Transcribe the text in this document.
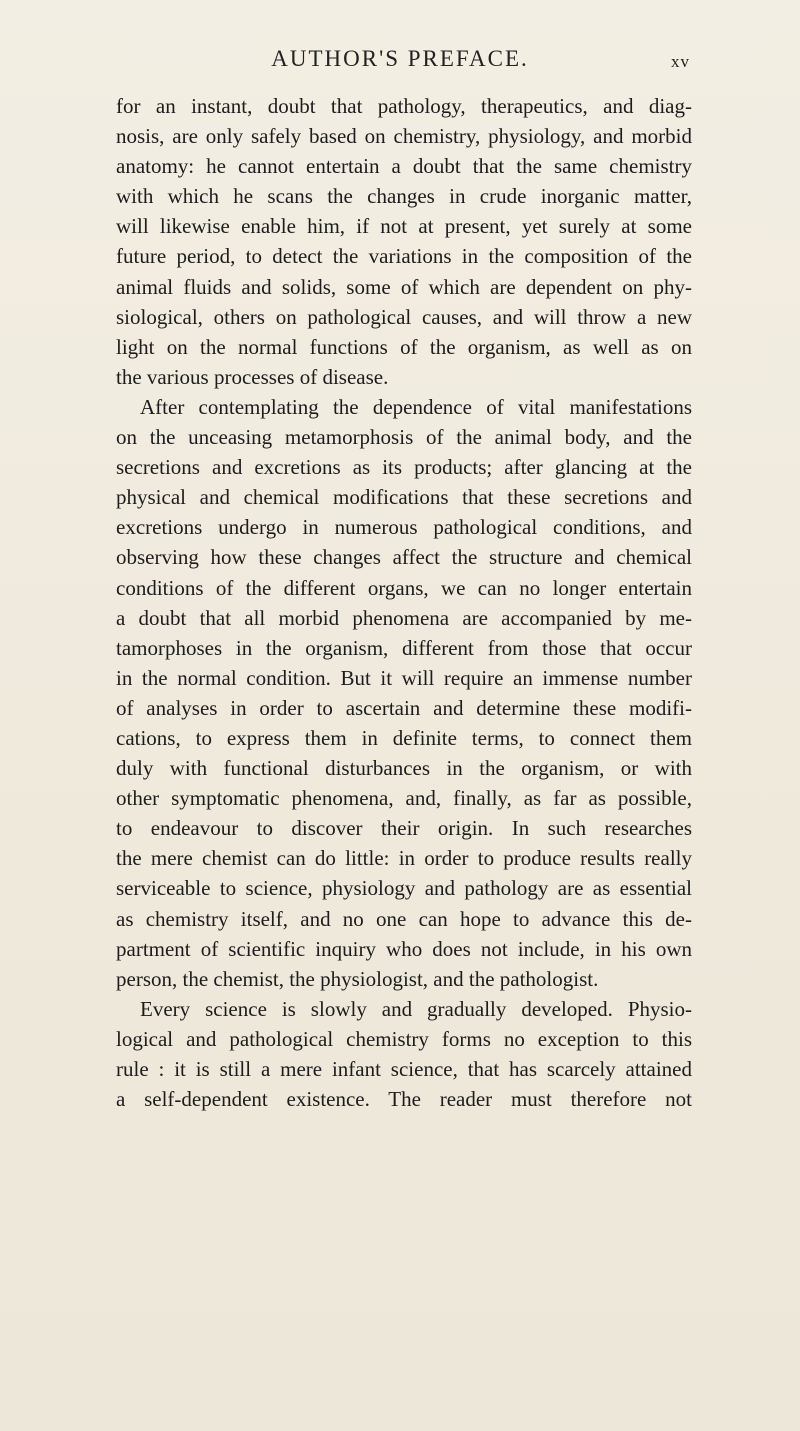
AUTHOR'S PREFACE.	xv
for an instant, doubt that pathology, therapeutics, and diag-
nosis, are only safely based on chemistry, physiology, and morbid
anatomy: he cannot entertain a doubt that the same chemistry
with which he scans the changes in crude inorganic matter,
will likewise enable him, if not at present, yet surely at some
future period, to detect the variations in the composition of the
animal fluids and solids, some of which are dependent on phy-
siological, others on pathological causes, and will throw a new
light on the normal functions of the organism, as well as on
the various processes of disease.
After contemplating the dependence of vital manifestations
on the unceasing metamorphosis of the animal body, and the
secretions and excretions as its products; after glancing at the
physical and chemical modifications that these secretions and
excretions undergo in numerous pathological conditions, and
observing how these changes affect the structure and chemical
conditions of the different organs, we can no longer entertain
a doubt that all morbid phenomena are accompanied by me-
tamorphoses in the organism, different from those that occur
in the normal condition. But it will require an immense number
of analyses in order to ascertain and determine these modifi-
cations, to express them in definite terms, to connect them
duly with functional disturbances in the organism, or with
other symptomatic phenomena, and, finally, as far as possible,
to endeavour to discover their origin. In such researches
the mere chemist can do little: in order to produce results really
serviceable to science, physiology and pathology are as essential
as chemistry itself, and no one can hope to advance this de-
partment of scientific inquiry who does not include, in his own
person, the chemist, the physiologist, and the pathologist.
Every science is slowly and gradually developed. Physio-
logical and pathological chemistry forms no exception to this
rule : it is still a mere infant science, that has scarcely attained
a self-dependent existence. The reader must therefore not
